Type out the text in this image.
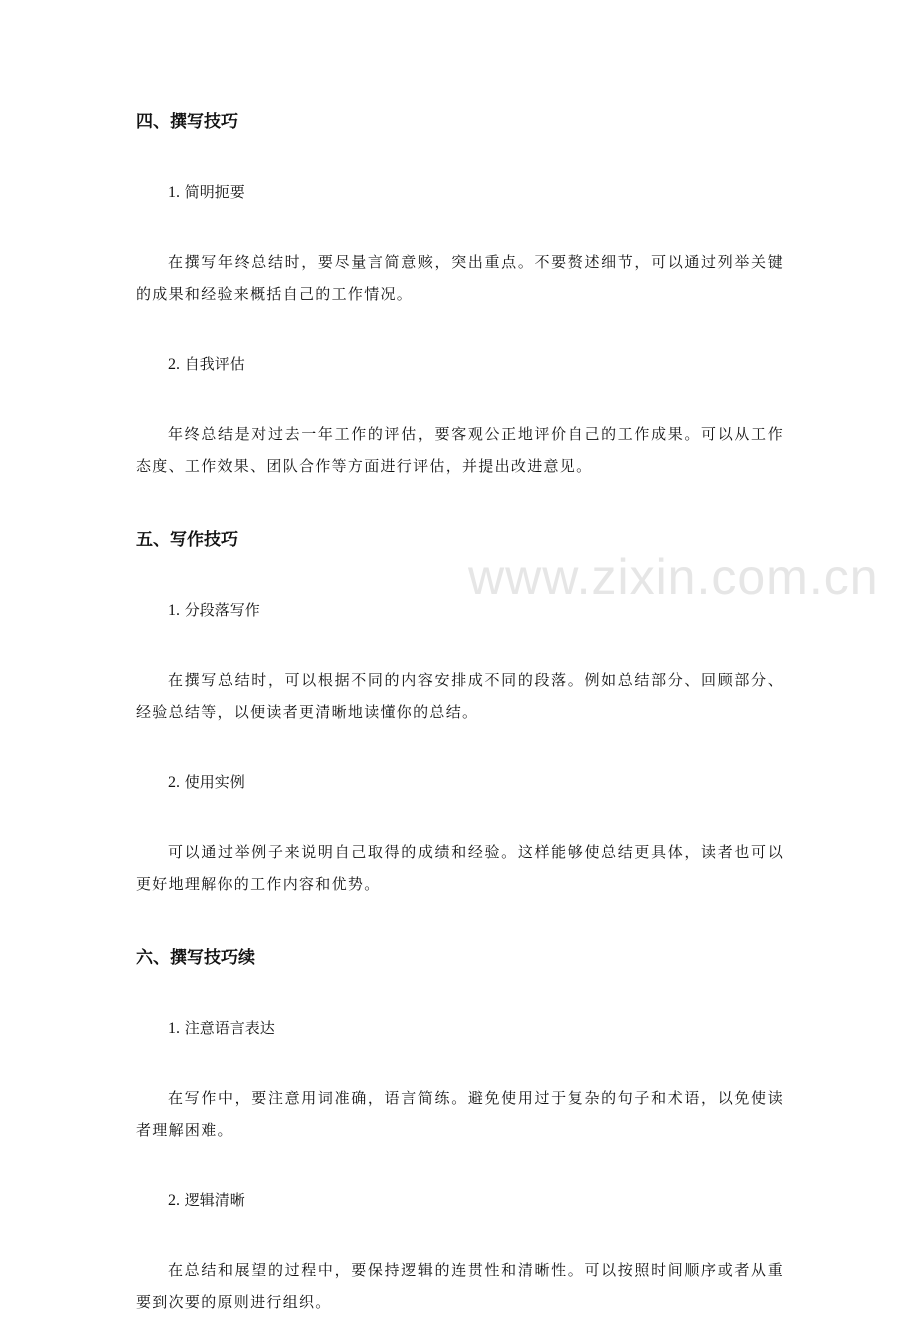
www.zixin.com.cn
四、撰写技巧

1. 简明扼要

在撰写年终总结时，要尽量言简意赅，突出重点。不要赘述细节，可以通过列举关键的成果和经验来概括自己的工作情况。

2. 自我评估

年终总结是对过去一年工作的评估，要客观公正地评价自己的工作成果。可以从工作态度、工作效果、团队合作等方面进行评估，并提出改进意见。

五、写作技巧

1. 分段落写作

在撰写总结时，可以根据不同的内容安排成不同的段落。例如总结部分、回顾部分、经验总结等，以便读者更清晰地读懂你的总结。

2. 使用实例

可以通过举例子来说明自己取得的成绩和经验。这样能够使总结更具体，读者也可以更好地理解你的工作内容和优势。

六、撰写技巧续

1. 注意语言表达

在写作中，要注意用词准确，语言简练。避免使用过于复杂的句子和术语，以免使读者理解困难。

2. 逻辑清晰

在总结和展望的过程中，要保持逻辑的连贯性和清晰性。可以按照时间顺序或者从重要到次要的原则进行组织。
